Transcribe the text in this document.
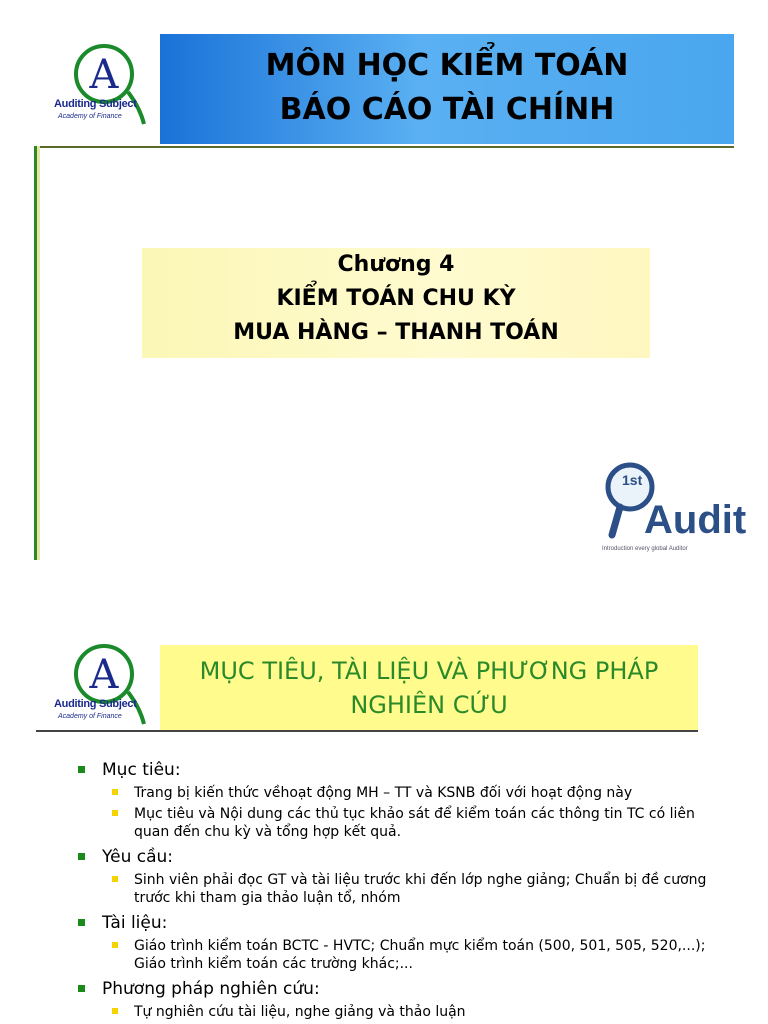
A
Auditing Subject
Academy of Finance
MÔN HỌC KIỂM TOÁN
BÁO CÁO TÀI CHÍNH
Chương 4
KIỂM TOÁN CHU KỲ
MUA HÀNG – THANH TOÁN
1st
Audit
Introduction every global Auditor
A
Auditing Subject
Academy of Finance
MỤC TIÊU, TÀI LIỆU VÀ PHƯƠNG PHÁP
NGHIÊN CỨU
Mục tiêu:
Trang bị kiến thức vềhoạt động MH – TT và KSNB đối với hoạt động này
Mục tiêu và Nội dung các thủ tục khảo sát để kiểm toán các thông tin TC có liên quan đến chu kỳ và tổng hợp kết quả.
Yêu cầu:
Sinh viên phải đọc GT và tài liệu trước khi đến lớp nghe giảng; Chuẩn bị đề cương trước khi tham gia thảo luận tổ, nhóm
Tài liệu:
Giáo trình kiểm toán BCTC - HVTC; Chuẩn mực kiểm toán (500, 501, 505, 520,...); Giáo trình kiểm toán các trường khác;...
Phương pháp nghiên cứu:
Tự nghiên cứu tài liệu, nghe giảng và thảo luận
